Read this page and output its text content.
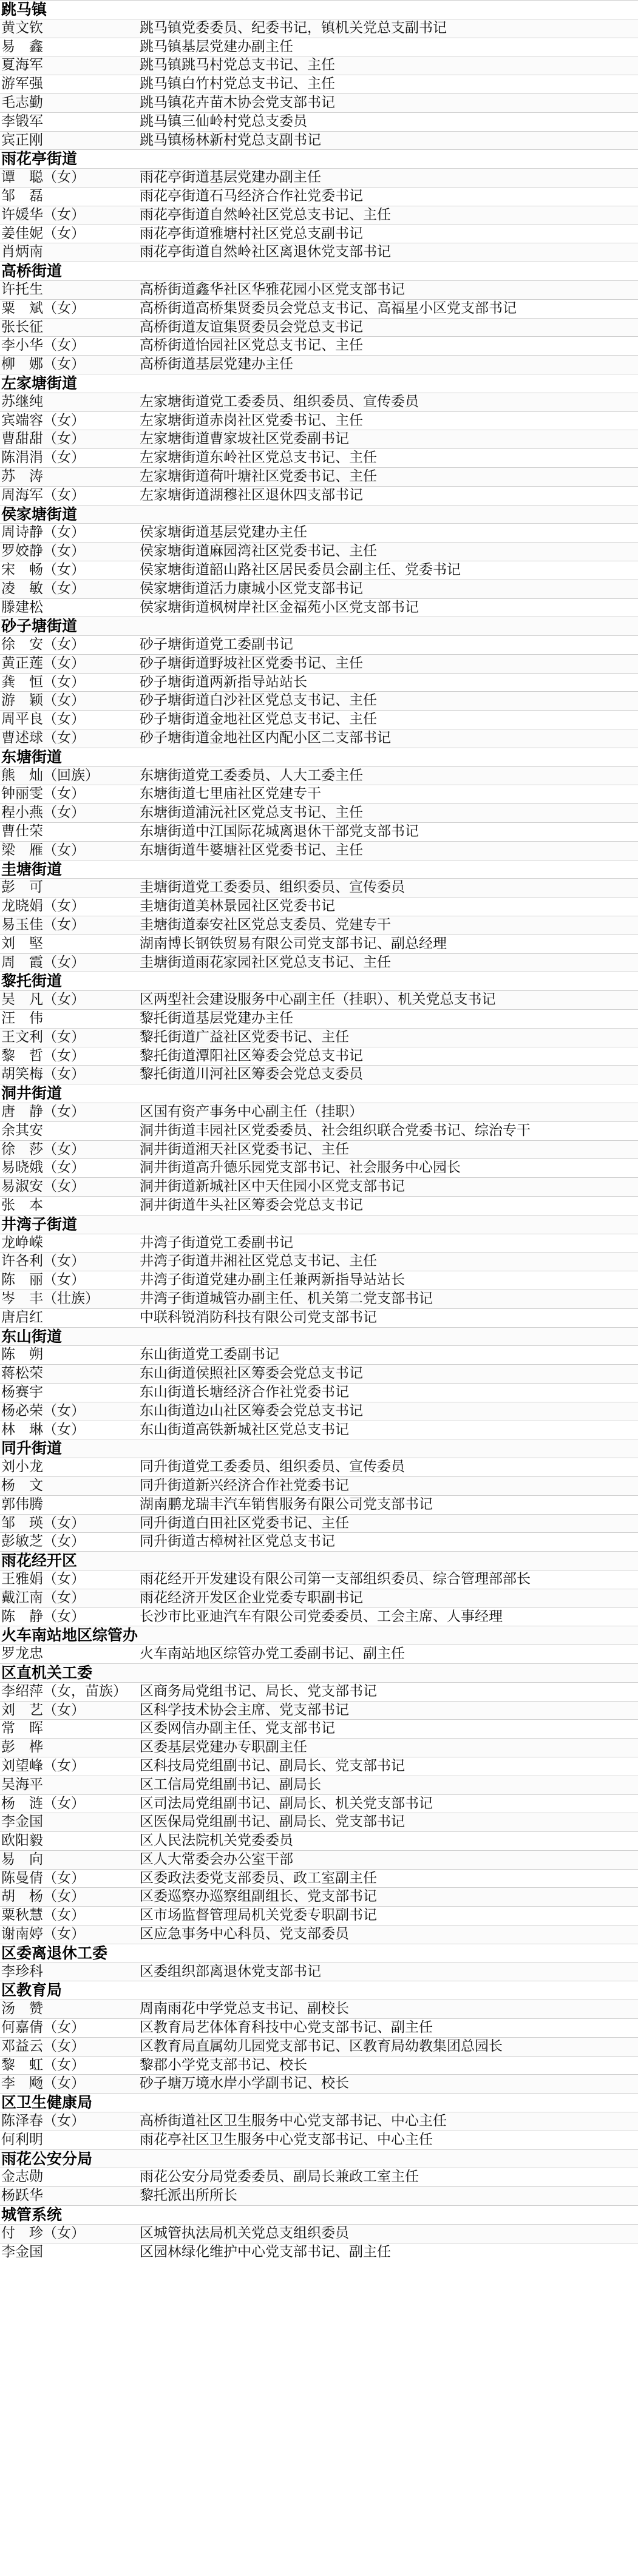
跳马镇
黄文钦	跳马镇党委委员、纪委书记，镇机关党总支副书记
易　鑫	跳马镇基层党建办副主任
夏海军	跳马镇跳马村党总支书记、主任
游军强	跳马镇白竹村党总支书记、主任
毛志勤	跳马镇花卉苗木协会党支部书记
李锻军	跳马镇三仙岭村党总支委员
宾正刚	跳马镇杨林新村党总支副书记
雨花亭街道
谭　聪（女）	雨花亭街道基层党建办副主任
邹　磊	雨花亭街道石马经济合作社党委书记
许媛华（女）	雨花亭街道自然岭社区党总支书记、主任
姜佳妮（女）	雨花亭街道雅塘村社区党总支副书记
肖炳南	雨花亭街道自然岭社区离退休党支部书记
高桥街道
许托生	高桥街道鑫华社区华雅花园小区党支部书记
粟　斌（女）	高桥街道高桥集贤委员会党总支书记、高福星小区党支部书记
张长征	高桥街道友谊集贤委员会党总支书记
李小华（女）	高桥街道怡园社区党总支书记、主任
柳　娜（女）	高桥街道基层党建办主任
左家塘街道
苏继纯	左家塘街道党工委委员、组织委员、宣传委员
宾端容（女）	左家塘街道赤岗社区党委书记、主任
曹甜甜（女）	左家塘街道曹家坡社区党委副书记
陈涓涓（女）	左家塘街道东岭社区党总支书记、主任
苏　涛	左家塘街道荷叶塘社区党委书记、主任
周海军（女）	左家塘街道湖穆社区退休四支部书记
侯家塘街道
周诗静（女）	侯家塘街道基层党建办主任
罗姣静（女）	侯家塘街道麻园湾社区党委书记、主任
宋　畅（女）	侯家塘街道韶山路社区居民委员会副主任、党委书记
凌　敏（女）	侯家塘街道活力康城小区党支部书记
滕建松	侯家塘街道枫树岸社区金福苑小区党支部书记
砂子塘街道
徐　安（女）	砂子塘街道党工委副书记
黄正莲（女）	砂子塘街道野坡社区党委书记、主任
龚　恒（女）	砂子塘街道两新指导站站长
游　颖（女）	砂子塘街道白沙社区党总支书记、主任
周平良（女）	砂子塘街道金地社区党总支书记、主任
曹述球（女）	砂子塘街道金地社区内配小区二支部书记
东塘街道
熊　灿（回族）	东塘街道党工委委员、人大工委主任
钟丽雯（女）	东塘街道七里庙社区党建专干
程小燕（女）	东塘街道浦沅社区党总支书记、主任
曹仕荣	东塘街道中江国际花城离退休干部党支部书记
梁　雁（女）	东塘街道牛婆塘社区党委书记、主任
圭塘街道
彭　可	圭塘街道党工委委员、组织委员、宣传委员
龙晓娟（女）	圭塘街道美林景园社区党委书记
易玉佳（女）	圭塘街道泰安社区党总支委员、党建专干
刘　堅	湖南博长钢铁贸易有限公司党支部书记、副总经理
周　霞（女）	圭塘街道雨花家园社区党总支书记、主任
黎托街道
吴　凡（女）	区两型社会建设服务中心副主任（挂职）、机关党总支书记
汪　伟	黎托街道基层党建办主任
王文利（女）	黎托街道广益社区党委书记、主任
黎　哲（女）	黎托街道潭阳社区筹委会党总支书记
胡笑梅（女）	黎托街道川河社区筹委会党总支委员
洞井街道
唐　静（女）	区国有资产事务中心副主任（挂职）
余其安	洞井街道丰园社区党委委员、社会组织联合党委书记、综治专干
徐　莎（女）	洞井街道湘天社区党委书记、主任
易晓娥（女）	洞井街道高升德乐园党支部书记、社会服务中心园长
易淑安（女）	洞井街道新城社区中天住园小区党支部书记
张　本	洞井街道牛头社区筹委会党总支书记
井湾子街道
龙峥嵘	井湾子街道党工委副书记
许各利（女）	井湾子街道井湘社区党总支书记、主任
陈　丽（女）	井湾子街道党建办副主任兼两新指导站站长
岑　丰（壮族）	井湾子街道城管办副主任、机关第二党支部书记
唐启红	中联科锐消防科技有限公司党支部书记
东山街道
陈　朔	东山街道党工委副书记
蒋松荣	东山街道侯照社区筹委会党总支书记
杨赛宇	东山街道长塘经济合作社党委书记
杨必荣（女）	东山街道边山社区筹委会党总支书记
林　琳（女）	东山街道高铁新城社区党总支书记
同升街道
刘小龙	同升街道党工委委员、组织委员、宣传委员
杨　文	同升街道新兴经济合作社党委书记
郭伟腾	湖南鹏龙瑞丰汽车销售服务有限公司党支部书记
邹　瑛（女）	同升街道白田社区党委书记、主任
彭敏芝（女）	同升街道古樟树社区党总支书记
雨花经开区
王雅娟（女）	雨花经开开发建设有限公司第一支部组织委员、综合管理部部长
戴江南（女）	雨花经济开发区企业党委专职副书记
陈　静（女）	长沙市比亚迪汽车有限公司党委委员、工会主席、人事经理
火车南站地区综管办
罗龙忠	火车南站地区综管办党工委副书记、副主任
区直机关工委
李绍萍（女，苗族） 区商务局党组书记、局长、党支部书记
刘　艺（女）	区科学技术协会主席、党支部书记
常　晖	区委网信办副主任、党支部书记
彭　桦	区委基层党建办专职副主任
刘望峰（女）	区科技局党组副书记、副局长、党支部书记
吴海平	区工信局党组副书记、副局长
杨　涟（女）	区司法局党组副书记、副局长、机关党支部书记
李金国	区医保局党组副书记、副局长、党支部书记
欧阳毅	区人民法院机关党委委员
易　向	区人大常委会办公室干部
陈曼倩（女）	区委政法委党支部委员、政工室副主任
胡　杨（女）	区委巡察办巡察组副组长、党支部书记
粟秋慧（女）	区市场监督管理局机关党委专职副书记
谢南婷（女）	区应急事务中心科员、党支部委员
区委离退休工委
李珍科	区委组织部离退休党支部书记
区教育局
汤　赞	周南雨花中学党总支书记、副校长
何嘉倩（女）	区教育局艺体体育科技中心党支部书记、副主任
邓益云（女）	区教育局直属幼儿园党支部书记、区教育局幼教集团总园长
黎　虹（女）	黎郡小学党支部书记、校长
李　飏（女）	砂子塘万境水岸小学副书记、校长
区卫生健康局
陈泽春（女）	高桥街道社区卫生服务中心党支部书记、中心主任
何利明	雨花亭社区卫生服务中心党支部书记、中心主任
雨花公安分局
金志勋	雨花公安分局党委委员、副局长兼政工室主任
杨跃华	黎托派出所所长
城管系统
付　珍（女）	区城管执法局机关党总支组织委员
李金国	区园林绿化维护中心党支部书记、副主任
